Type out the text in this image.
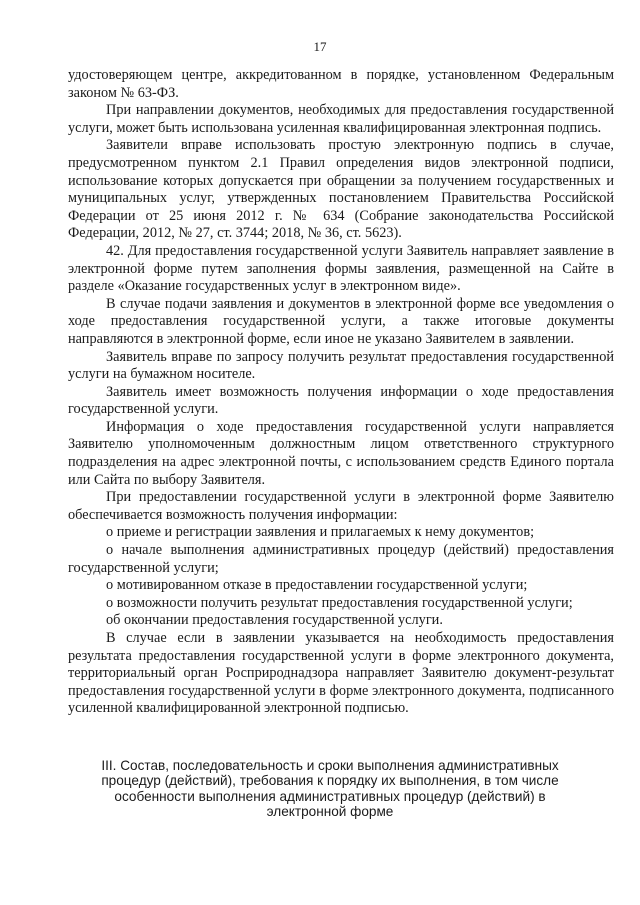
17

удостоверяющем центре, аккредитованном в порядке, установленном Федеральным законом № 63-ФЗ.

При направлении документов, необходимых для предоставления государственной услуги, может быть использована усиленная квалифицированная электронная подпись.

Заявители вправе использовать простую электронную подпись в случае, предусмотренном пунктом 2.1 Правил определения видов электронной подписи, использование которых допускается при обращении за получением государственных и муниципальных услуг, утвержденных постановлением Правительства Российской Федерации от 25 июня 2012 г. № 634 (Собрание законодательства Российской Федерации, 2012, № 27, ст. 3744; 2018, № 36, ст. 5623).

42. Для предоставления государственной услуги Заявитель направляет заявление в электронной форме путем заполнения формы заявления, размещенной на Сайте в разделе «Оказание государственных услуг в электронном виде».

В случае подачи заявления и документов в электронной форме все уведомления о ходе предоставления государственной услуги, а также итоговые документы направляются в электронной форме, если иное не указано Заявителем в заявлении.

Заявитель вправе по запросу получить результат предоставления государственной услуги на бумажном носителе.

Заявитель имеет возможность получения информации о ходе предоставления государственной услуги.

Информация о ходе предоставления государственной услуги направляется Заявителю уполномоченным должностным лицом ответственного структурного подразделения на адрес электронной почты, с использованием средств Единого портала или Сайта по выбору Заявителя.

При предоставлении государственной услуги в электронной форме Заявителю обеспечивается возможность получения информации:

о приеме и регистрации заявления и прилагаемых к нему документов;

о начале выполнения административных процедур (действий) предоставления государственной услуги;

о мотивированном отказе в предоставлении государственной услуги;

о возможности получить результат предоставления государственной услуги;

об окончании предоставления государственной услуги.

В случае если в заявлении указывается на необходимость предоставления результата предоставления государственной услуги в форме электронного документа, территориальный орган Росприроднадзора направляет Заявителю документ-результат предоставления государственной услуги в форме электронного документа, подписанного усиленной квалифицированной электронной подписью.

III. Состав, последовательность и сроки выполнения административных процедур (действий), требования к порядку их выполнения, в том числе особенности выполнения административных процедур (действий) в электронной форме
